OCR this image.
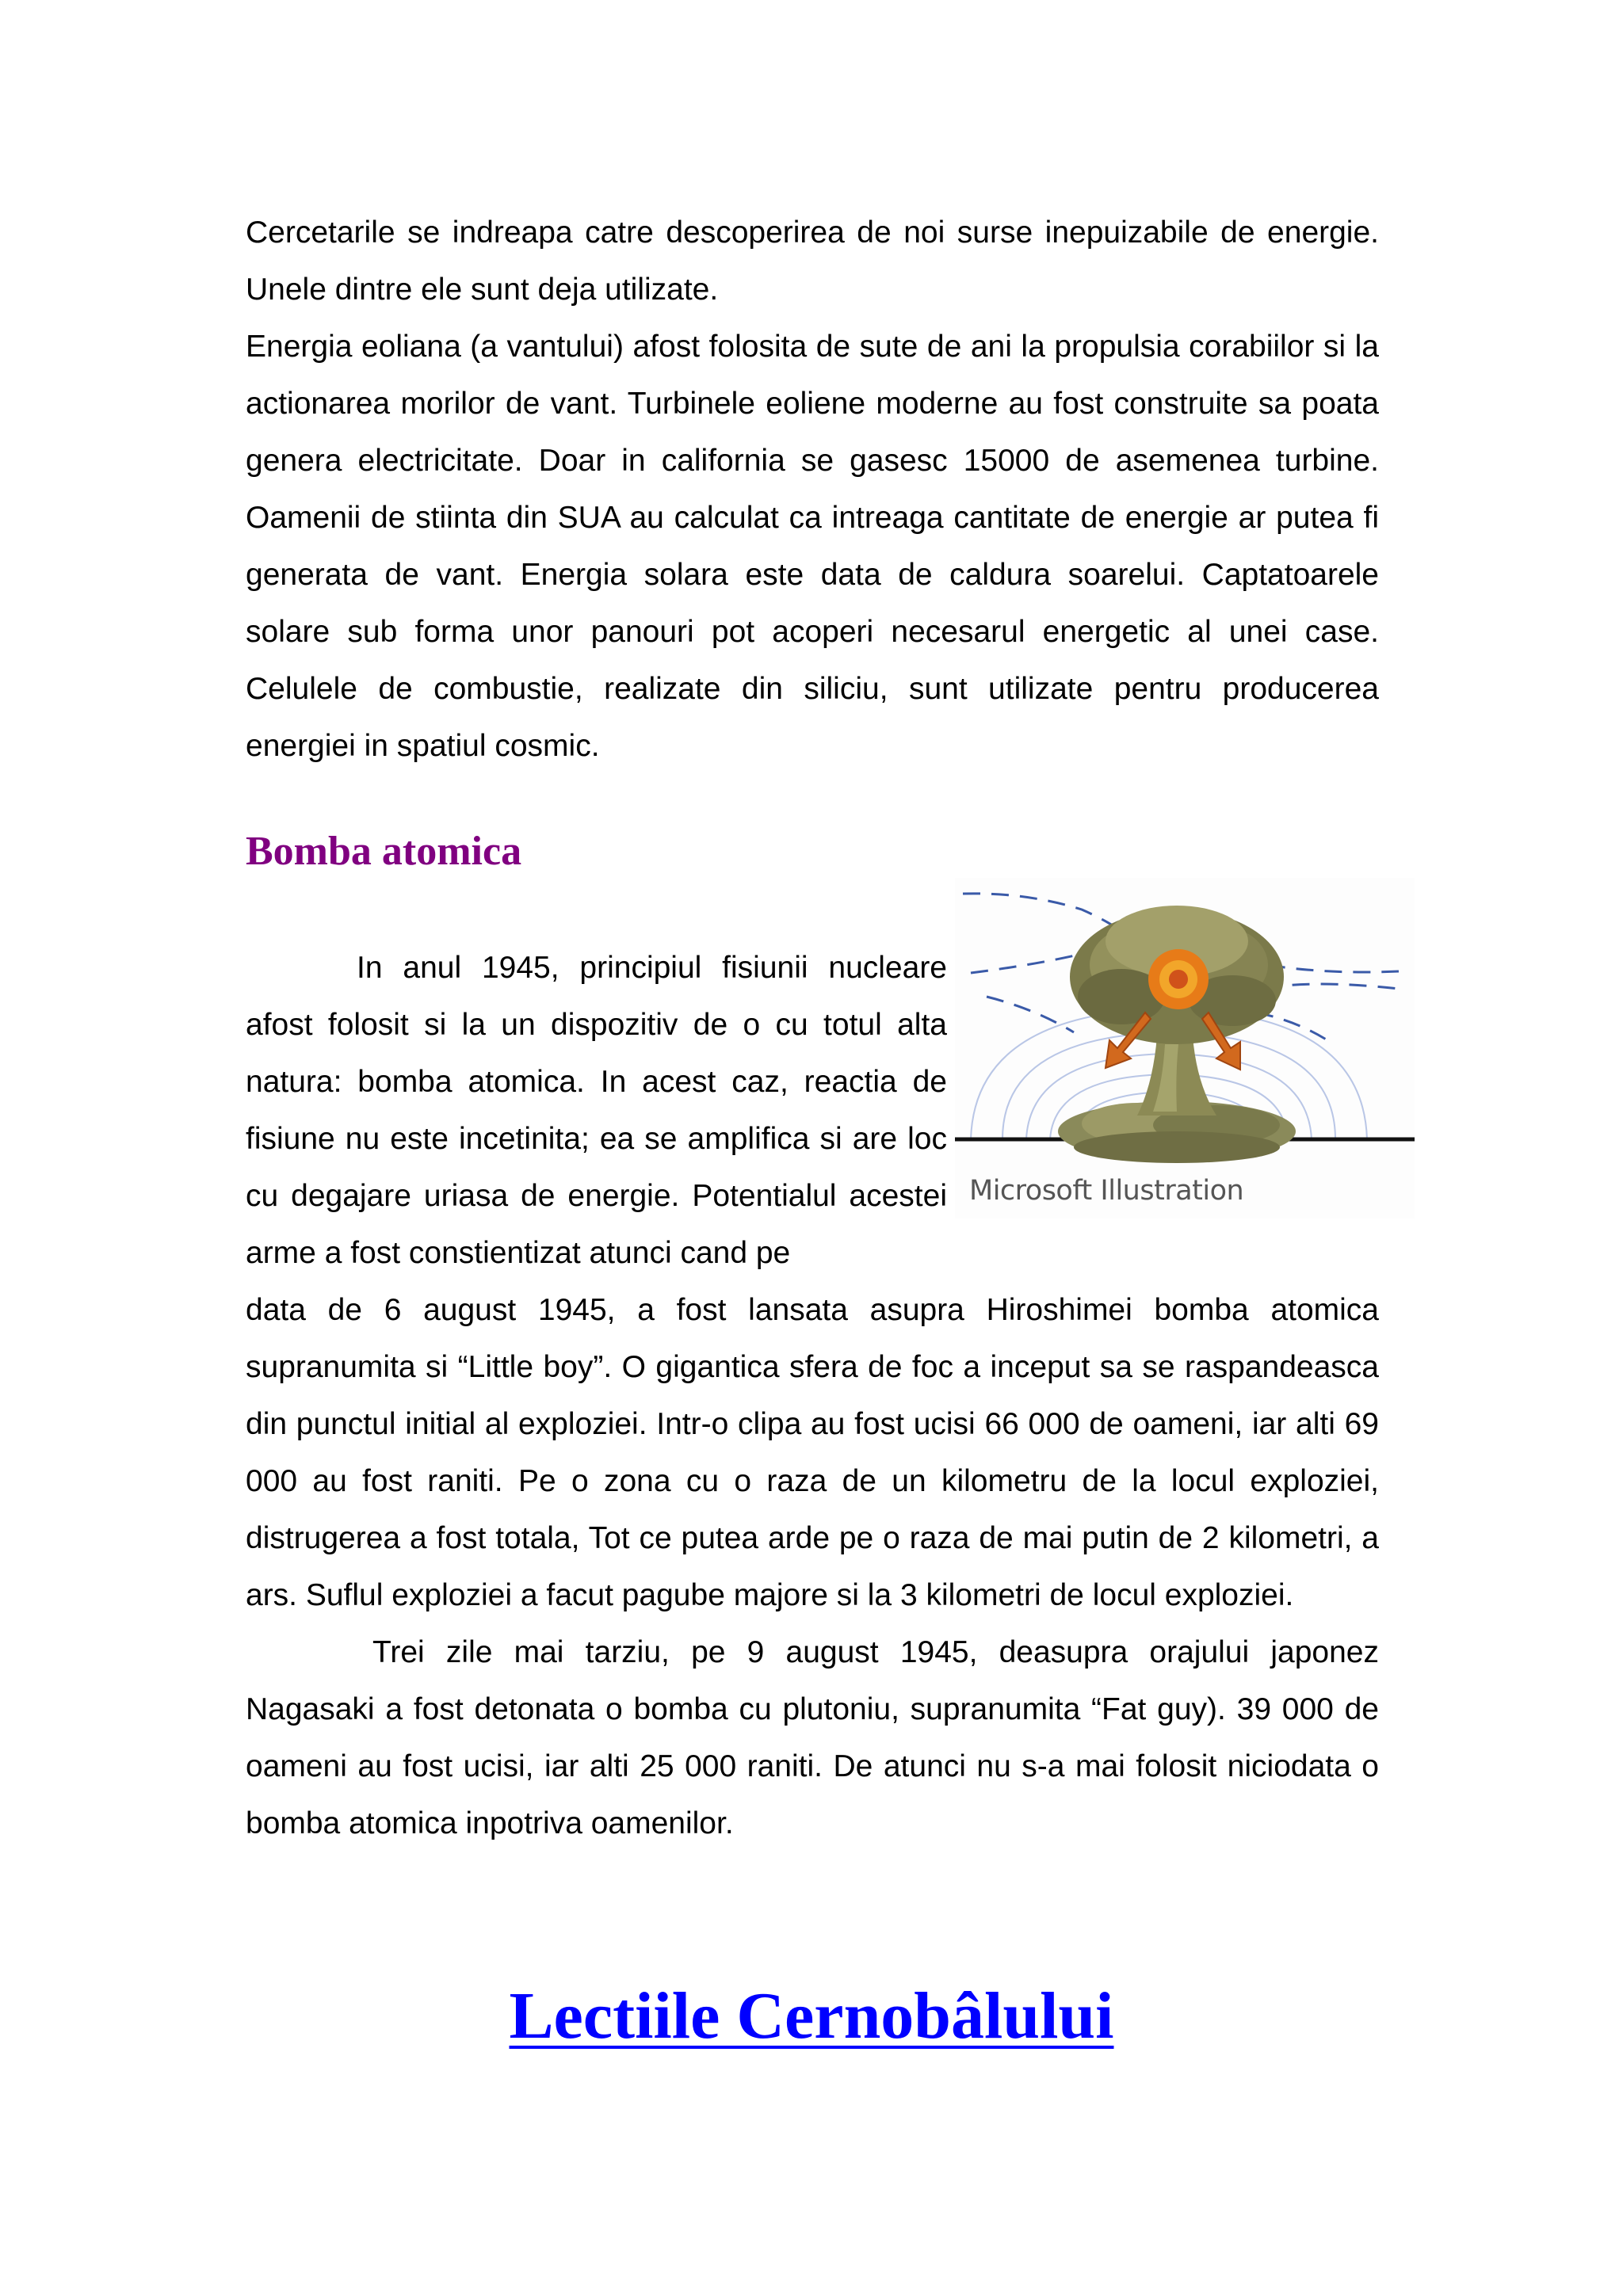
Cercetarile se indreapa catre descoperirea de noi surse inepuizabile de energie. Unele dintre ele sunt deja utilizate.

Energia eoliana (a vantului) afost folosita de sute de ani la propulsia corabiilor si la actionarea morilor de vant. Turbinele eoliene moderne au fost construite sa poata genera electricitate. Doar in california se gasesc 15000 de asemenea turbine. Oamenii de stiinta din SUA au calculat ca intreaga cantitate de energie ar putea fi generata de vant. Energia solara este data de caldura soarelui. Captatoarele solare sub forma unor panouri pot acoperi necesarul energetic al unei case. Celulele de combustie, realizate din siliciu, sunt utilizate pentru producerea energiei in spatiul cosmic.

Bomba atomica

In anul 1945, principiul fisiunii nucleare afost folosit si la un dispozitiv de o cu totul alta natura: bomba atomica. In acest caz, reactia de fisiune nu este incetinita; ea se amplifica si are loc cu degajare uriasa de energie. Potentialul acestei arme a fost constientizat atunci cand pe

Microsoft Illustration

data de 6 august 1945, a fost lansata asupra Hiroshimei bomba atomica supranumita si “Little boy”. O gigantica sfera de foc a inceput sa se raspandeasca din punctul initial al exploziei. Intr-o clipa au fost ucisi 66 000 de oameni, iar alti 69 000 au fost raniti. Pe o zona cu o raza de un kilometru de la locul exploziei, distrugerea a fost totala, Tot ce putea arde pe o raza de mai putin de 2 kilometri, a ars. Suflul exploziei a facut pagube majore si la 3 kilometri de locul exploziei.

Trei zile mai tarziu, pe 9 august 1945, deasupra orajului japonez Nagasaki a fost detonata o bomba cu plutoniu, supranumita “Fat guy). 39 000 de oameni au fost ucisi, iar alti 25 000 raniti. De atunci nu s-a mai folosit niciodata o bomba atomica inpotriva oamenilor.

Lectiile Cernobâlului
